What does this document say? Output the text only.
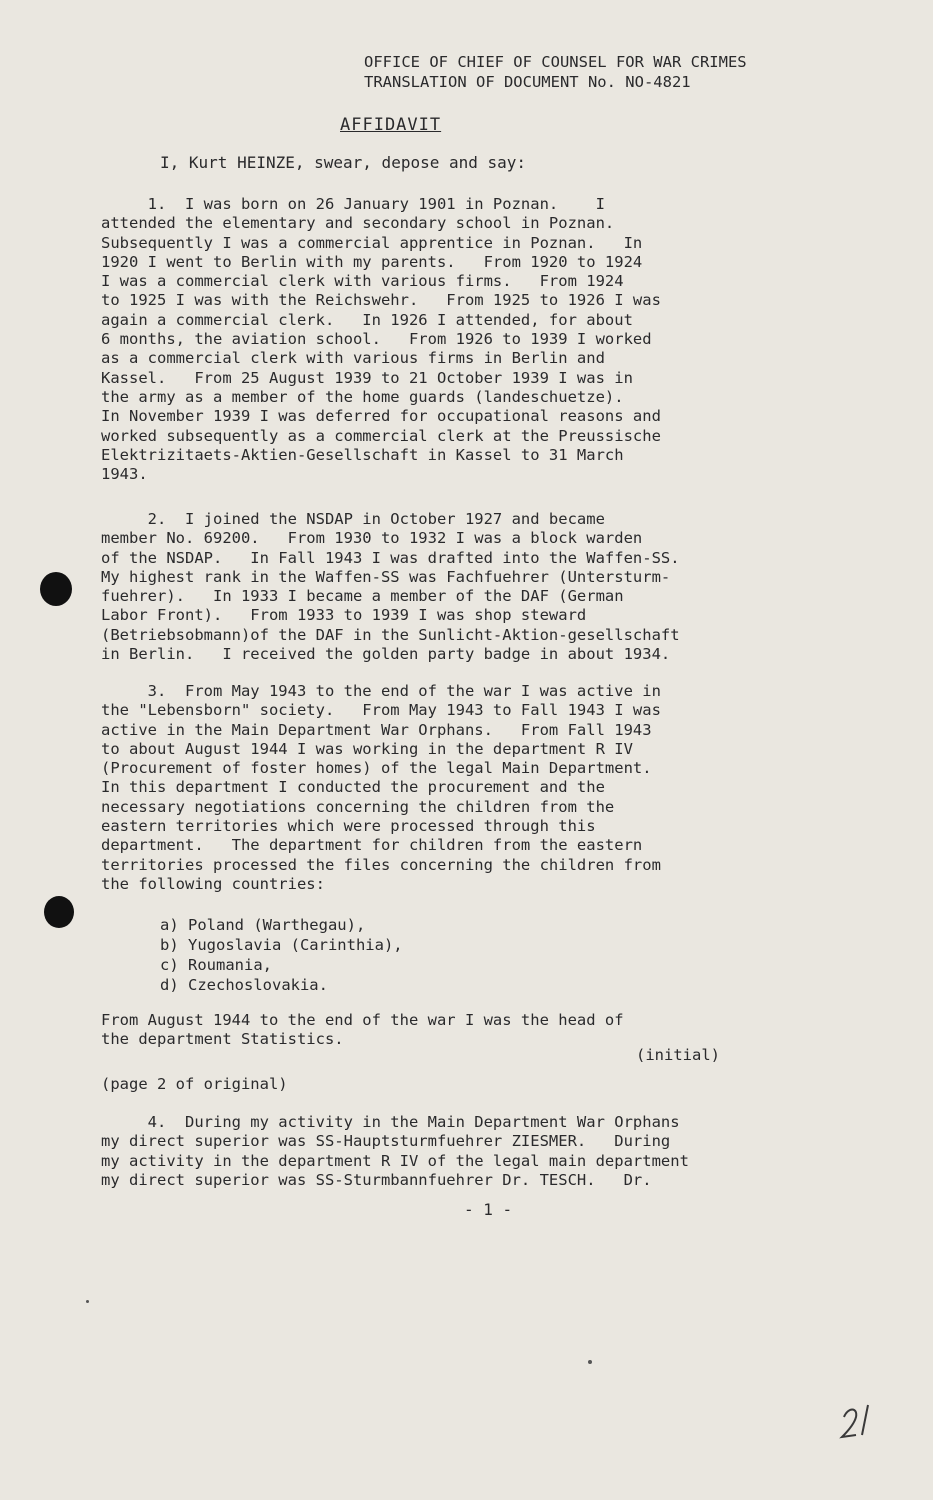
OFFICE OF CHIEF OF COUNSEL FOR WAR CRIMES
TRANSLATION OF DOCUMENT No. NO-4821
AFFIDAVIT
I, Kurt HEINZE, swear, depose and say:
1.  I was born on 26 January 1901 in Poznan.    I
attended the elementary and secondary school in Poznan.
Subsequently I was a commercial apprentice in Poznan.   In
1920 I went to Berlin with my parents.   From 1920 to 1924
I was a commercial clerk with various firms.   From 1924
to 1925 I was with the Reichswehr.   From 1925 to 1926 I was
again a commercial clerk.   In 1926 I attended, for about
6 months, the aviation school.   From 1926 to 1939 I worked
as a commercial clerk with various firms in Berlin and
Kassel.   From 25 August 1939 to 21 October 1939 I was in
the army as a member of the home guards (landeschuetze).
In November 1939 I was deferred for occupational reasons and
worked subsequently as a commercial clerk at the Preussische
Elektrizitaets-Aktien-Gesellschaft in Kassel to 31 March
1943.
2.  I joined the NSDAP in October 1927 and became
member No. 69200.   From 1930 to 1932 I was a block warden
of the NSDAP.   In Fall 1943 I was drafted into the Waffen-SS.
My highest rank in the Waffen-SS was Fachfuehrer (Untersturm-
fuehrer).   In 1933 I became a member of the DAF (German
Labor Front).   From 1933 to 1939 I was shop steward
(Betriebsobmann)of the DAF in the Sunlicht-Aktion-gesellschaft
in Berlin.   I received the golden party badge in about 1934.
3.  From May 1943 to the end of the war I was active in
the "Lebensborn" society.   From May 1943 to Fall 1943 I was
active in the Main Department War Orphans.   From Fall 1943
to about August 1944 I was working in the department R IV
(Procurement of foster homes) of the legal Main Department.
In this department I conducted the procurement and the
necessary negotiations concerning the children from the
eastern territories which were processed through this
department.   The department for children from the eastern
territories processed the files concerning the children from
the following countries:
a) Poland (Warthegau),
b) Yugoslavia (Carinthia),
c) Roumania,
d) Czechoslovakia.
From August 1944 to the end of the war I was the head of
the department Statistics.
(initial)
(page 2 of original)
4.  During my activity in the Main Department War Orphans
my direct superior was SS-Hauptsturmfuehrer ZIESMER.   During
my activity in the department R IV of the legal main department
my direct superior was SS-Sturmbannfuehrer Dr. TESCH.   Dr.
- 1 -
